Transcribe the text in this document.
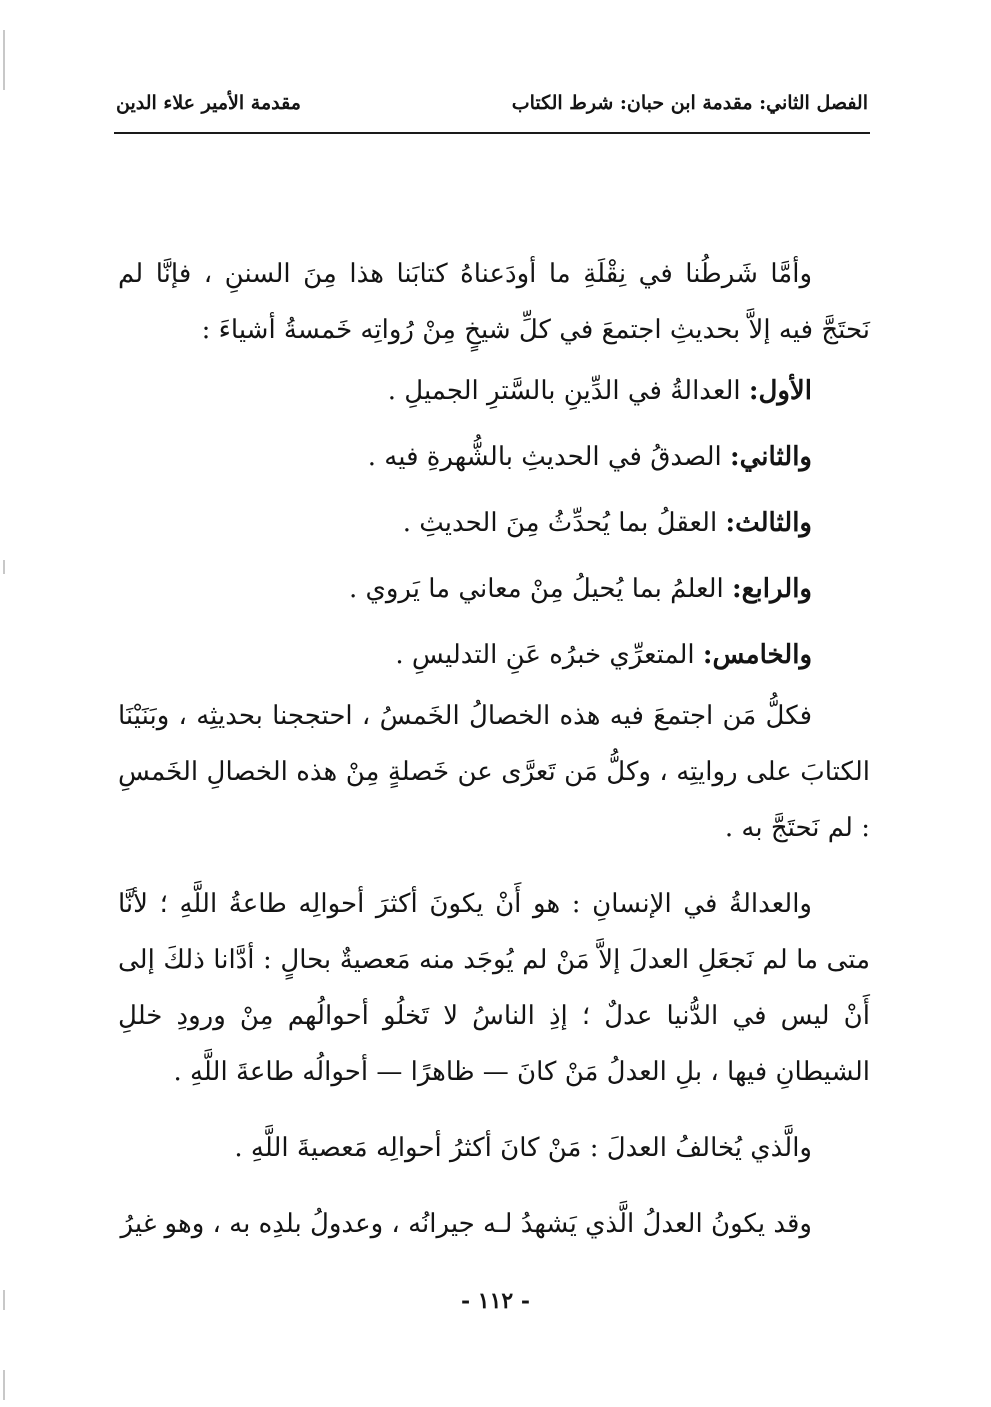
الفصل الثاني: مقدمة ابن حبان: شرط الكتاب
مقدمة الأمير علاء الدين

وأمَّا شَرطُنا في نِقْلَةِ ما أودَعناهُ كتابَنا هذا مِنَ السننِ ، فإنَّا لم نَحتَجَّ فيه إلاَّ بحديثِ اجتمعَ في كلِّ شيخٍ مِنْ رُواتِه خَمسةُ أشياءَ :

الأول: العدالةُ في الدِّينِ بالسَّترِ الجميلِ .

والثاني: الصدقُ في الحديثِ بالشُّهرةِ فيه .

والثالث: العقلُ بما يُحدِّثُ مِنَ الحديثِ .

والرابع: العلمُ بما يُحيلُ مِنْ معاني ما يَروي .

والخامس: المتعرِّي خبرُه عَنِ التدليسِ .

فكلُّ مَن اجتمعَ فيه هذه الخصالُ الخَمسُ ، احتججنا بحديثِه ، وبَنَيْنَا الكتابَ على روايتِه ، وكلُّ مَن تَعرَّى عن خَصلةٍ مِنْ هذه الخصالِ الخَمسِ : لم نَحتَجَّ به .

والعدالةُ في الإنسانِ : هو أَنْ يكونَ أكثرَ أحوالِه طاعةُ اللَّهِ ؛ لأنَّا متى ما لم نَجعَلِ العدلَ إلاَّ مَنْ لم يُوجَد منه مَعصيةٌ بحالٍ : أدَّانا ذلكَ إلى أَنْ ليس في الدُّنيا عدلٌ ؛ إذِ الناسُ لا تَخلُو أحوالُهم مِنْ ورودِ خللِ الشيطانِ فيها ، بلِ العدلُ مَنْ كانَ — ظاهرًا — أحوالُه طاعةَ اللَّهِ .

والَّذي يُخالفُ العدلَ : مَنْ كانَ أكثرُ أحوالِه مَعصيةَ اللَّهِ .

وقد يكونُ العدلُ الَّذي يَشهدُ لـه جيرانُه ، وعدولُ بلدِه به ، وهو غيرُ

- ١١٢ -
